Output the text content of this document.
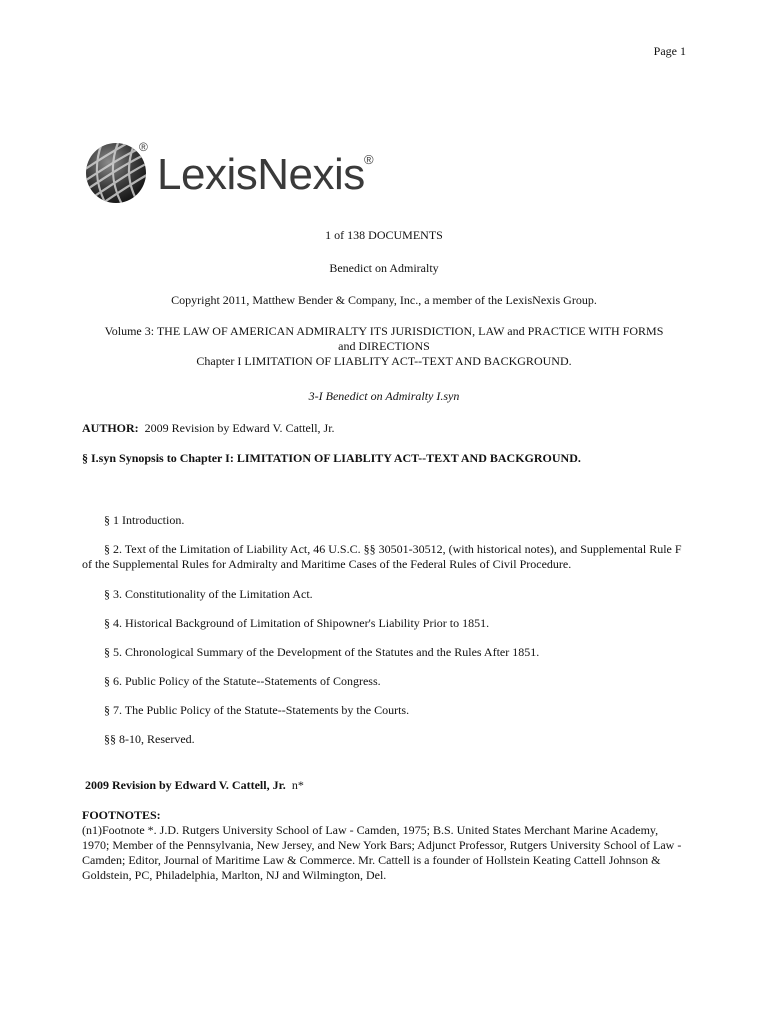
Page 1
®
LexisNexis ®
1 of 138 DOCUMENTS
Benedict on Admiralty
Copyright 2011, Matthew Bender & Company, Inc., a member of the LexisNexis Group.
Volume 3: THE LAW OF AMERICAN ADMIRALTY ITS JURISDICTION, LAW and PRACTICE WITH FORMS
and DIRECTIONS
Chapter I LIMITATION OF LIABLITY ACT--TEXT AND BACKGROUND.
3-I Benedict on Admiralty I.syn
AUTHOR: 2009 Revision by Edward V. Cattell, Jr.
§ I.syn Synopsis to Chapter I: LIMITATION OF LIABLITY ACT--TEXT AND BACKGROUND.
§ 1 Introduction.
§ 2. Text of the Limitation of Liability Act, 46 U.S.C. §§ 30501-30512, (with historical notes), and Supplemental Rule F of the Supplemental Rules for Admiralty and Maritime Cases of the Federal Rules of Civil Procedure.
§ 3. Constitutionality of the Limitation Act.
§ 4. Historical Background of Limitation of Shipowner's Liability Prior to 1851.
§ 5. Chronological Summary of the Development of the Statutes and the Rules After 1851.
§ 6. Public Policy of the Statute--Statements of Congress.
§ 7. The Public Policy of the Statute--Statements by the Courts.
§§ 8-10, Reserved.
2009 Revision by Edward V. Cattell, Jr. n*
FOOTNOTES:
(n1)Footnote *. J.D. Rutgers University School of Law - Camden, 1975; B.S. United States Merchant Marine Academy, 1970; Member of the Pennsylvania, New Jersey, and New York Bars; Adjunct Professor, Rutgers University School of Law - Camden; Editor, Journal of Maritime Law & Commerce. Mr. Cattell is a founder of Hollstein Keating Cattell Johnson & Goldstein, PC, Philadelphia, Marlton, NJ and Wilmington, Del.
